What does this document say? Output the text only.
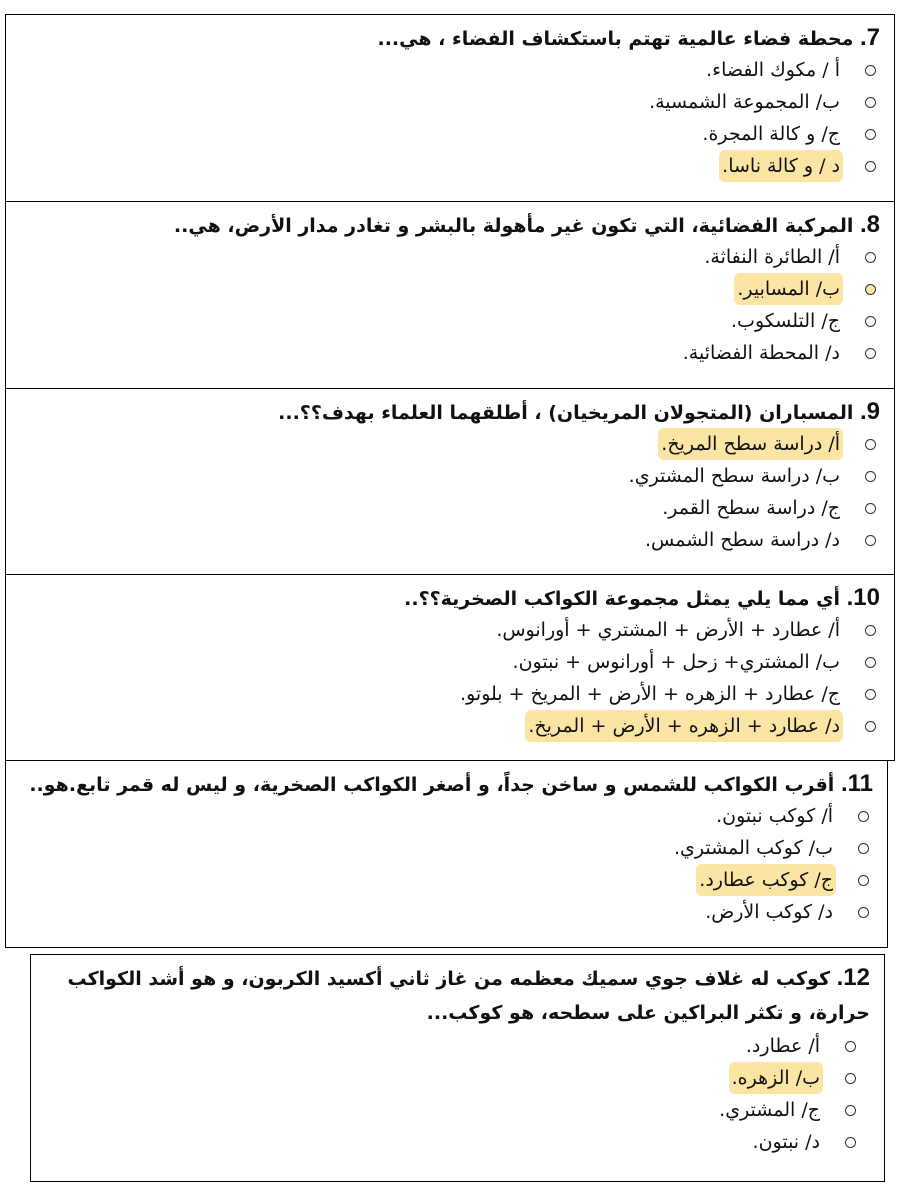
7. محطة فضاء عالمية تهتم باستكشاف الفضاء ، هي...
أ / مكوك الفضاء.
ب/ المجموعة الشمسية.
ج/ و كالة المجرة.
د / و كالة ناسا.
8. المركبة الفضائية، التي تكون غير مأهولة بالبشر و تغادر مدار الأرض، هي..
أ/ الطائرة النفاثة.
ب/ المسابير.
ج/ التلسكوب.
د/ المحطة الفضائية.
9. المسباران (المتجولان المريخيان) ، أطلقهما العلماء بهدف؟؟...
أ/ دراسة سطح المريخ.
ب/ دراسة سطح المشتري.
ج/ دراسة سطح القمر.
د/ دراسة سطح الشمس.
10. أي مما يلي يمثل مجموعة الكواكب الصخرية؟؟..
أ/ عطارد + الأرض + المشتري + أورانوس.
ب/ المشتري+ زحل + أورانوس + نبتون.
ج/ عطارد + الزهره + الأرض + المريخ + بلوتو.
د/ عطارد + الزهره + الأرض + المريخ.
11. أقرب الكواكب للشمس و ساخن جداً، و أصغر الكواكب الصخرية، و ليس له قمر تابع.هو..
أ/ كوكب نبتون.
ب/ كوكب المشتري.
ج/ كوكب عطارد.
د/ كوكب الأرض.
12. كوكب له غلاف جوي سميك معظمه من غاز ثاني أكسيد الكربون، و هو أشد الكواكب حرارة، و تكثر البراكين على سطحه، هو كوكب...
أ/ عطارد.
ب/ الزهره.
ج/ المشتري.
د/ نبتون.
